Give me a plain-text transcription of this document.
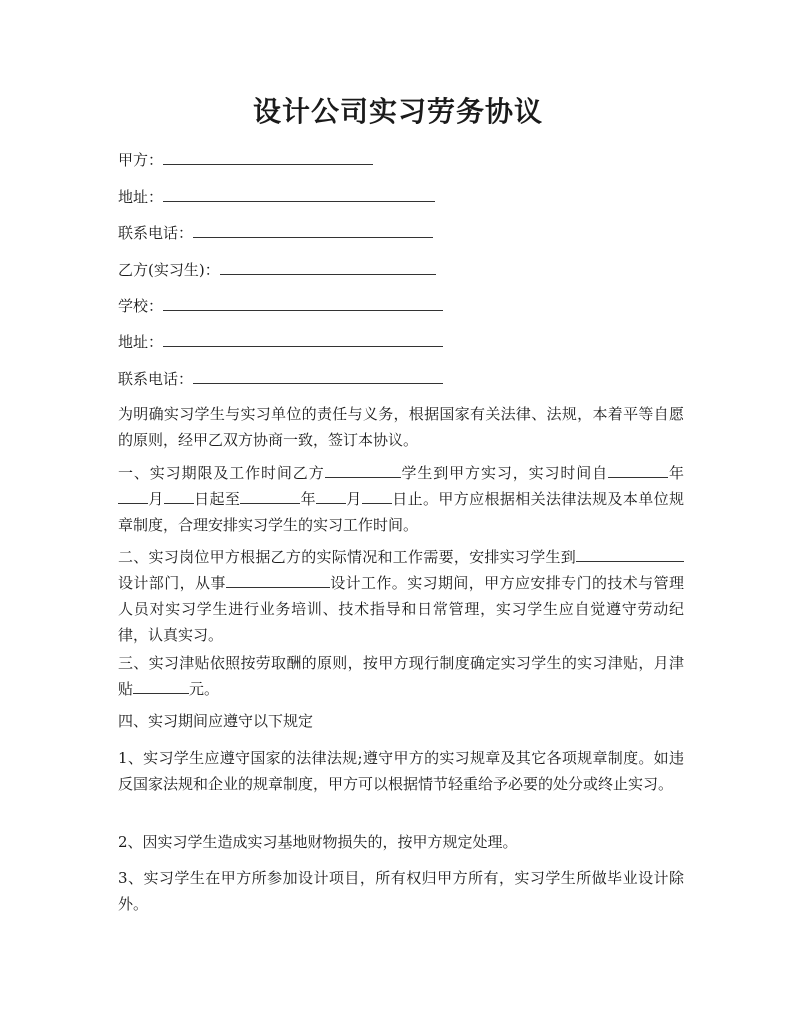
设计公司实习劳务协议
甲方：
地址：
联系电话：
乙方(实习生)：
学校：
地址：
联系电话：
为明确实习学生与实习单位的责任与义务，根据国家有关法律、法规，本着平等自愿的原则，经甲乙双方协商一致，签订本协议。
一、实习期限及工作时间乙方	学生到甲方实习，实习时间自	年月 日起至	年 月 日止。甲方应根据相关法律法规及本单位规章制度，合理安排实习学生的实习工作时间。
二、实习岗位甲方根据乙方的实际情况和工作需要，安排实习学生到设计部门，从事	设计工作。实习期间，甲方应安排专门的技术与管理人员对实习学生进行业务培训、技术指导和日常管理，实习学生应自觉遵守劳动纪律，认真实习。
三、实习津贴依照按劳取酬的原则，按甲方现行制度确定实习学生的实习津贴，月津贴	元。
四、实习期间应遵守以下规定
1、实习学生应遵守国家的法律法规;遵守甲方的实习规章及其它各项规章制度。如违反国家法规和企业的规章制度，甲方可以根据情节轻重给予必要的处分或终止实习。
2、因实习学生造成实习基地财物损失的，按甲方规定处理。
3、实习学生在甲方所参加设计项目，所有权归甲方所有，实习学生所做毕业设计除外。
